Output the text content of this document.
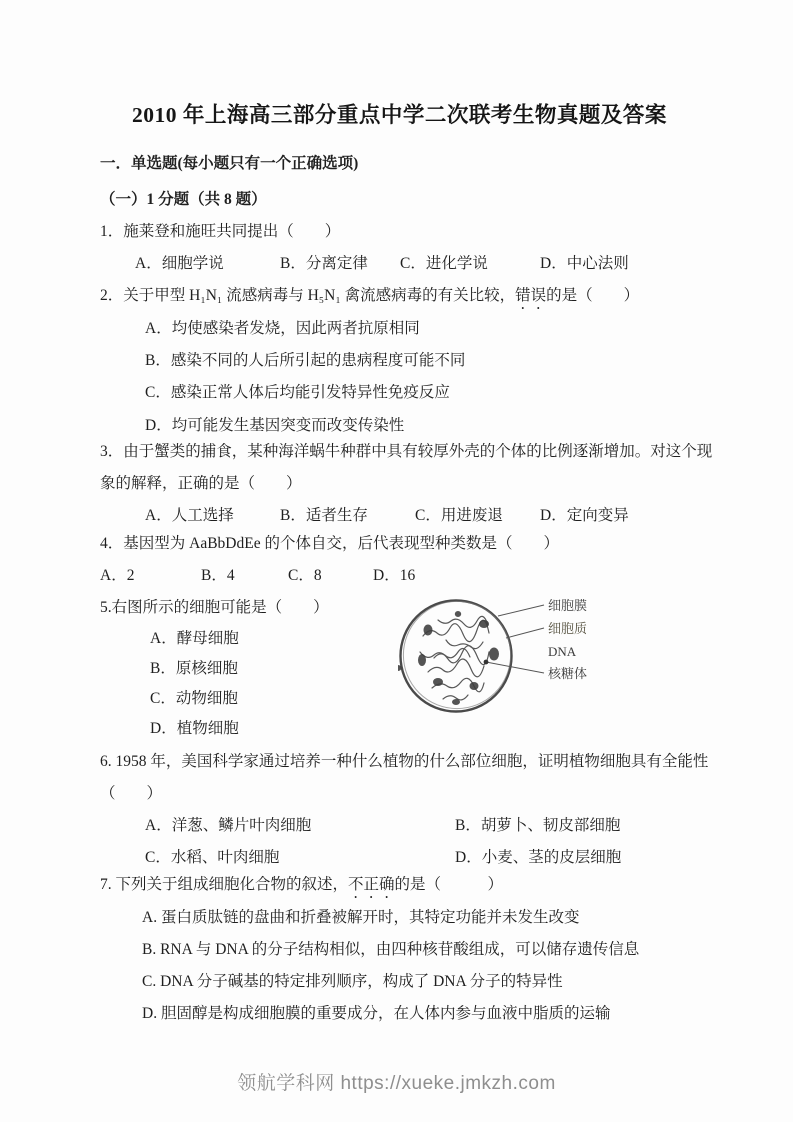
2010 年上海高三部分重点中学二次联考生物真题及答案
一．单选题(每小题只有一个正确选项)
（一）1 分题（共 8 题）

1．施莱登和施旺共同提出（　　）

A．细胞学说	B．分离定律 C．进化学说	D．中心法则

2．关于甲型 H₁N₁ 流感病毒与 H₅N₁ 禽流感病毒的有关比较，错误的是（　　）

A．均使感染者发烧，因此两者抗原相同

B．感染不同的人后所引起的患病程度可能不同

C．感染正常人体后均能引发特异性免疫反应

D．均可能发生基因突变而改变传染性

3．由于蟹类的捕食，某种海洋蜗牛种群中具有较厚外壳的个体的比例逐渐增加。对这个现

象的解释，正确的是（　　）

A．人工选择	B．适者生存	C．用进废退 D．定向变异

4．基因型为 AaBbDdEe 的个体自交，后代表现型种类数是（　　）

A．2	B．4	C．8	D．16

5.右图所示的细胞可能是（　　）

A．酵母细胞

B．原核细胞

C．动物细胞

D．植物细胞

细胞膜
细胞质
DNA
核糖体

6. 1958 年，美国科学家通过培养一种什么植物的什么部位细胞，证明植物细胞具有全能性

（　　）

A．洋葱、鳞片叶肉细胞	B．胡萝卜、韧皮部细胞

C．水稻、叶肉细胞	D．小麦、茎的皮层细胞

7. 下列关于组成细胞化合物的叙述，不正确的是（　　　）

A. 蛋白质肽链的盘曲和折叠被解开时，其特定功能并未发生改变

B. RNA 与 DNA 的分子结构相似，由四种核苷酸组成，可以储存遗传信息

C. DNA 分子碱基的特定排列顺序，构成了 DNA 分子的特异性

D. 胆固醇是构成细胞膜的重要成分，在人体内参与血液中脂质的运输

领航学科网 https://xueke.jmkzh.com
